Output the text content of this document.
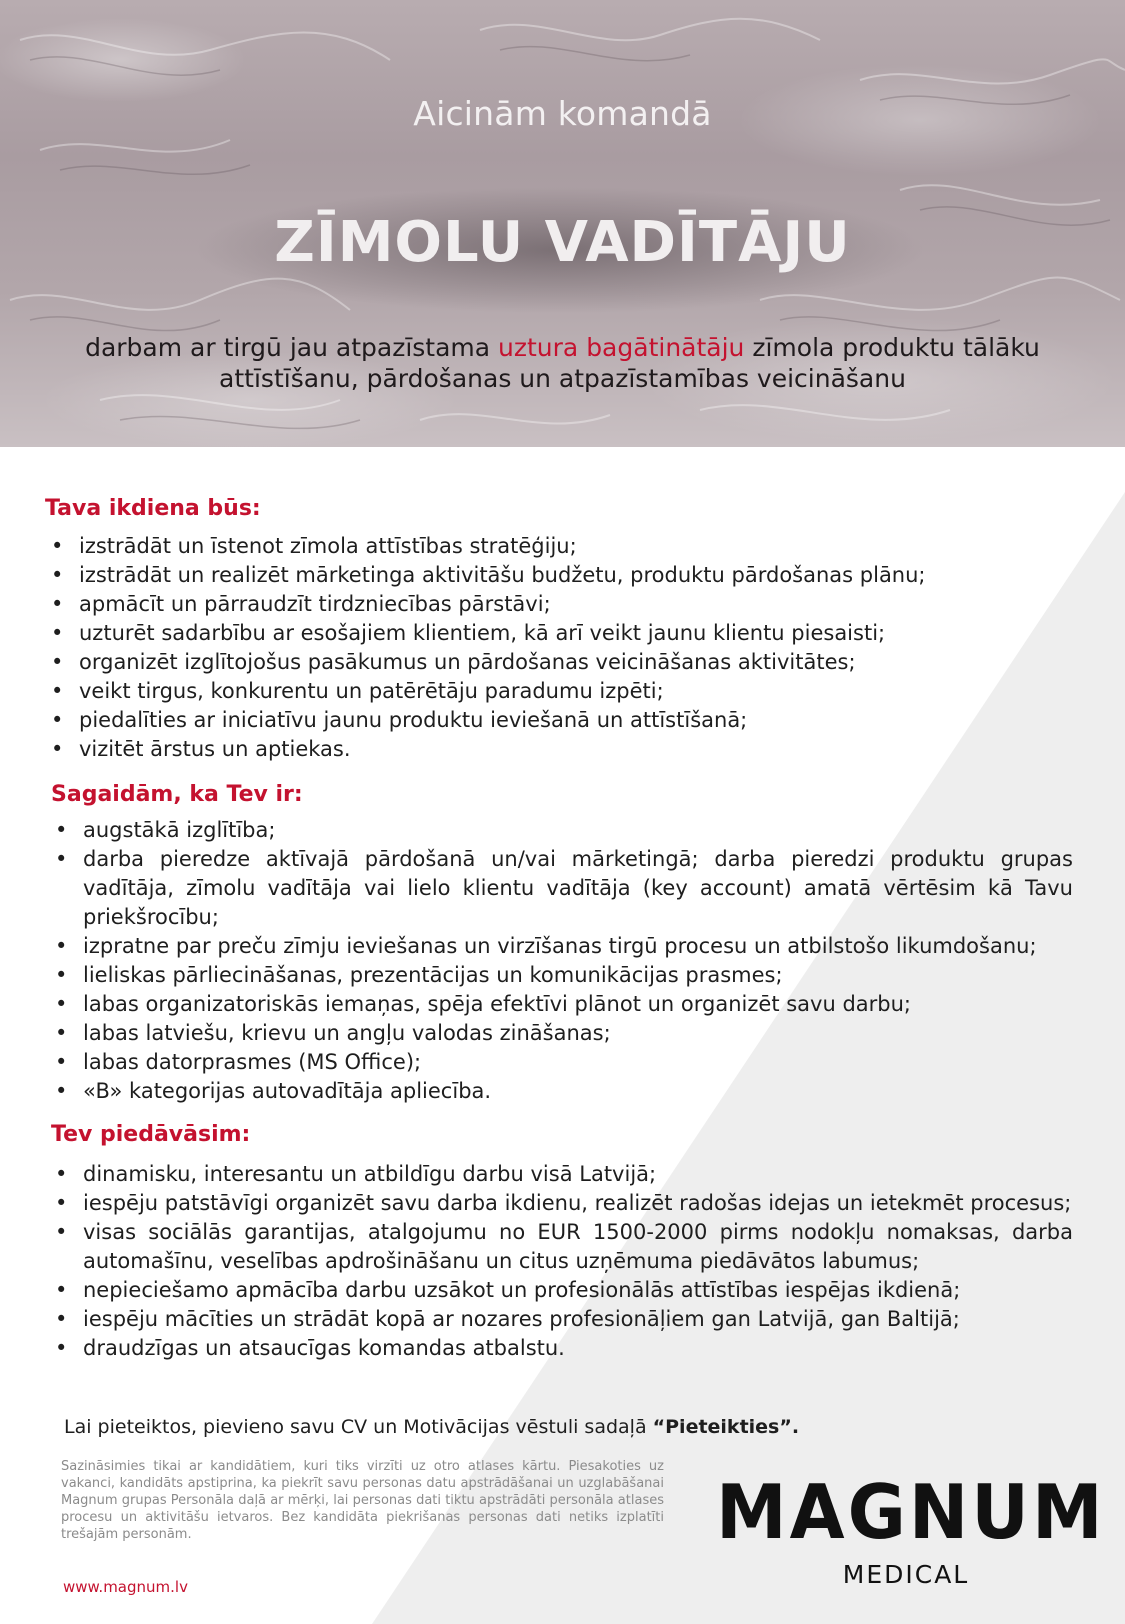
Aicinām komandā
ZĪMOLU VADĪTĀJU
darbam ar tirgū jau atpazīstama uztura bagātinātāju zīmola produktu tālāku attīstīšanu, pārdošanas un atpazīstamības veicināšanu
Tava ikdiena būs:
• izstrādāt un īstenot zīmola attīstības stratēģiju;
• izstrādāt un realizēt mārketinga aktivitāšu budžetu, produktu pārdošanas plānu;
• apmācīt un pārraudzīt tirdzniecības pārstāvi;
• uzturēt sadarbību ar esošajiem klientiem, kā arī veikt jaunu klientu piesaisti;
• organizēt izglītojošus pasākumus un pārdošanas veicināšanas aktivitātes;
• veikt tirgus, konkurentu un patērētāju paradumu izpēti;
• piedalīties ar iniciatīvu jaunu produktu ieviešanā un attīstīšanā;
• vizitēt ārstus un aptiekas.
Sagaidām, ka Tev ir:
• augstākā izglītība;
• darba pieredze aktīvajā pārdošanā un/vai mārketingā; darba pieredzi produktu grupas vadītāja, zīmolu vadītāja vai lielo klientu vadītāja (key account) amatā vērtēsim kā Tavu priekšrocību;
• izpratne par preču zīmju ieviešanas un virzīšanas tirgū procesu un atbilstošo likumdošanu;
• lieliskas pārliecināšanas, prezentācijas un komunikācijas prasmes;
• labas organizatoriskās iemaņas, spēja efektīvi plānot un organizēt savu darbu;
• labas latviešu, krievu un angļu valodas zināšanas;
• labas datorprasmes (MS Office);
• «B» kategorijas autovadītāja apliecība.
Tev piedāvāsim:
• dinamisku, interesantu un atbildīgu darbu visā Latvijā;
• iespēju patstāvīgi organizēt savu darba ikdienu, realizēt radošas idejas un ietekmēt procesus;
• visas sociālās garantijas, atalgojumu no EUR 1500-2000 pirms nodokļu nomaksas, darba automašīnu, veselības apdrošināšanu un citus uzņēmuma piedāvātos labumus;
• nepieciešamo apmācība darbu uzsākot un profesionālās attīstības iespējas ikdienā;
• iespēju mācīties un strādāt kopā ar nozares profesionāļiem gan Latvijā, gan Baltijā;
• draudzīgas un atsaucīgas komandas atbalstu.
Lai pieteiktos, pievieno savu CV un Motivācijas vēstuli sadaļā “Pieteikties”.
Sazināsimies tikai ar kandidātiem, kuri tiks virzīti uz otro atlases kārtu. Piesakoties uz vakanci, kandidāts apstiprina, ka piekrīt savu personas datu apstrādāšanai un uzglabāšanai Magnum grupas Personāla daļā ar mērķi, lai personas dati tiktu apstrādāti personāla atlases procesu un aktivitāšu ietvaros. Bez kandidāta piekrišanas personas dati netiks izplatīti trešajām personām.
www.magnum.lv
MAGNUM
MEDICAL
